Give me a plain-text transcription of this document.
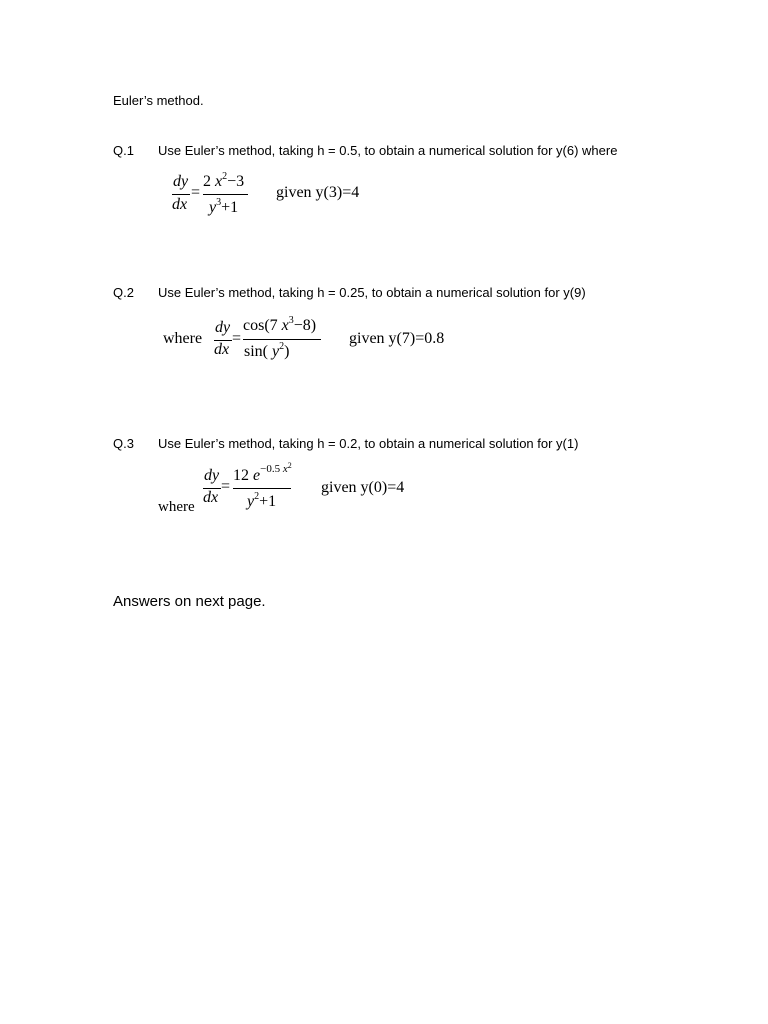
Euler’s method.
Q.1 Use Euler’s method, taking h = 0.5, to obtain a numerical solution for y(6) where
dy
dx
=
2 $x^2-3$
$y^3+1$
given y(3)=4
Q.2 Use Euler’s method, taking h = 0.25, to obtain a numerical solution for y(9)
where
dy
dx
=
cos(7 $x^3-8$)
sin( $y^2$)
given y(7)=0.8
Q.3 Use Euler’s method, taking h = 0.2, to obtain a numerical solution for y(1)
where
dy
dx
=
12 $e^{-0.5 x^2}$
$y^2+1$
given y(0)=4
Answers on next page.
